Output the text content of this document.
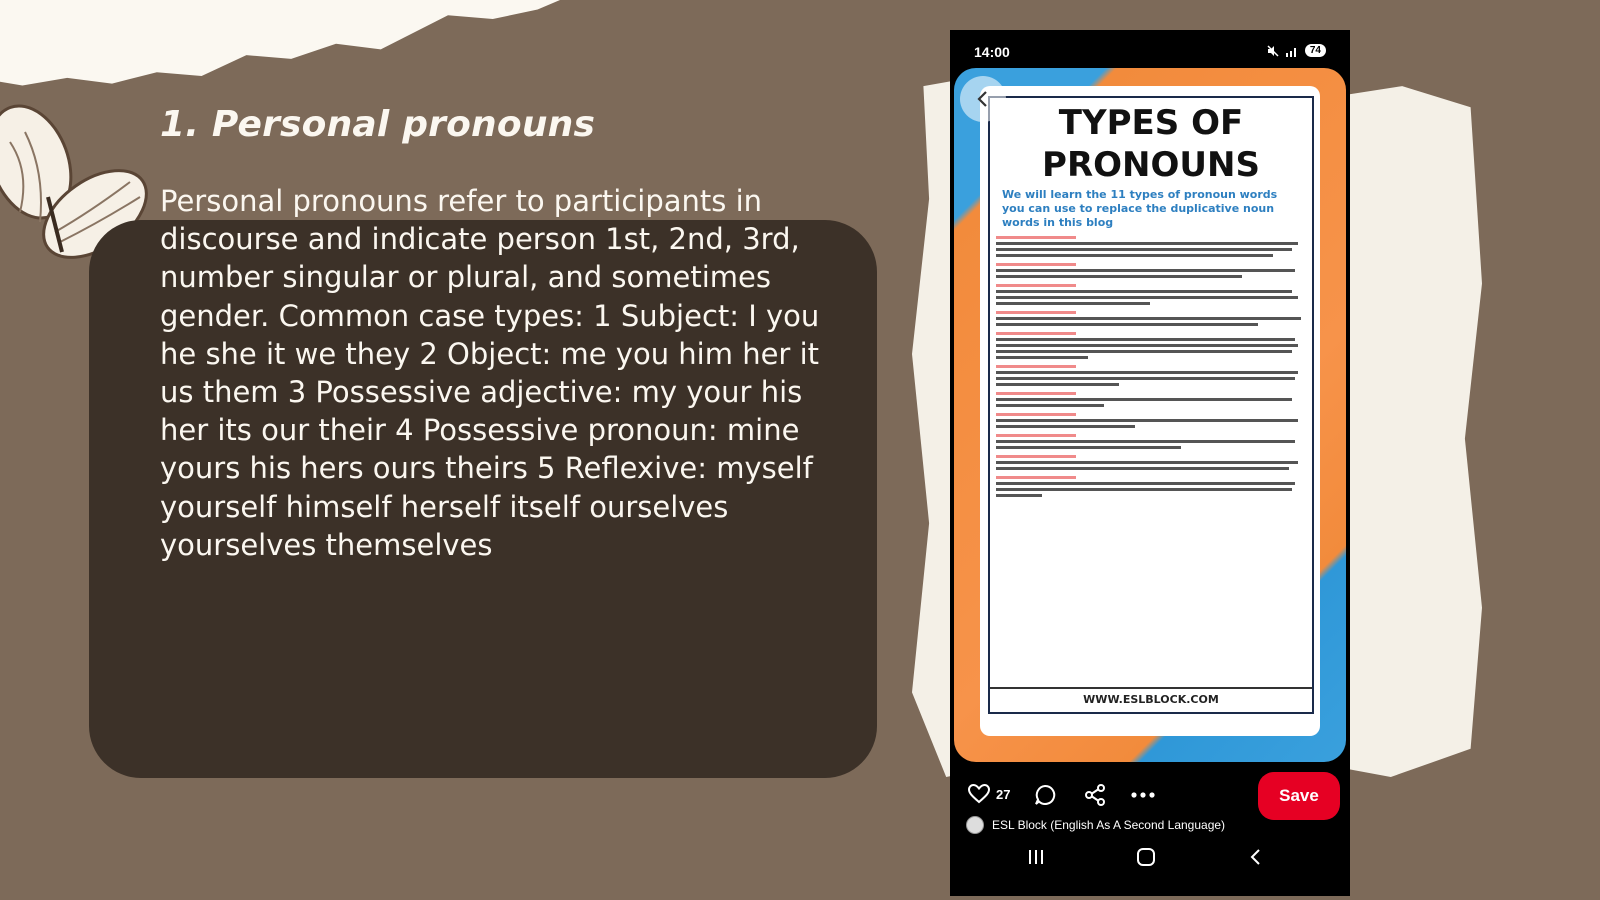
1. Personal pronouns

Personal pronouns refer to participants in discourse and indicate person 1st, 2nd, 3rd, number singular or plural, and sometimes gender. Common case types: 1 Subject: I you he she it we they 2 Object: me you him her it us them 3 Possessive adjective: my your his her its our their 4 Possessive pronoun: mine yours his hers ours theirs 5 Reflexive: myself yourself himself herself itself ourselves yourselves themselves

14:00	74
TYPES OF
PRONOUNS

We will learn the 11 types of pronoun words you can use to replace the duplicative noun words in this blog

WWW.ESLBLOCK.COM
27	Save
ESL Block (English As A Second Language)
